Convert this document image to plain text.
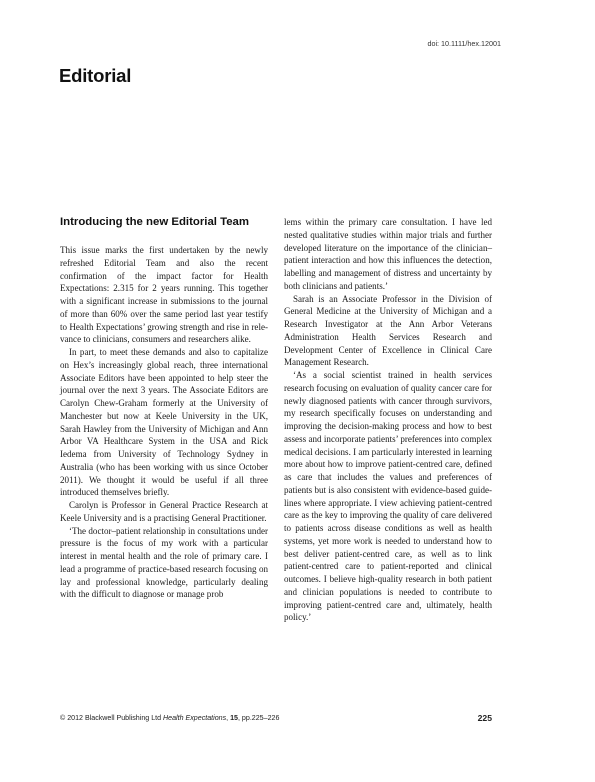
doi: 10.1111/hex.12001
Editorial
Introducing the new Editorial Team

This issue marks the first undertaken by the newly refreshed Editorial Team and also the recent confirmation of the impact factor for Health Expectations: 2.315 for 2 years running. This together with a significant increase in submissions to the journal of more than 60% over the same period last year testify to Health Expectations’ growing strength and rise in relevance to clinicians, consumers and researchers alike.

In part, to meet these demands and also to capitalize on Hex’s increasingly global reach, three international Associate Editors have been appointed to help steer the journal over the next 3 years. The Associate Editors are Carolyn Chew-Graham formerly at the University of Manchester but now at Keele University in the UK, Sarah Hawley from the University of Michigan and Ann Arbor VA Healthcare System in the USA and Rick Iedema from University of Technology Sydney in Australia (who has been working with us since October 2011). We thought it would be useful if all three introduced themselves briefly.

Carolyn is Professor in General Practice Research at Keele University and is a practising General Practitioner.

‘The doctor–patient relationship in consultations under pressure is the focus of my work with a particular interest in mental health and the role of primary care. I lead a programme of practice-based research focusing on lay and professional knowledge, particularly dealing with the difficult to diagnose or manage prob

lems within the primary care consultation. I have led nested qualitative studies within major trials and further developed literature on the importance of the clinician–patient interaction and how this influences the detection, labelling and management of distress and uncertainty by both clinicians and patients.’

Sarah is an Associate Professor in the Division of General Medicine at the University of Michigan and a Research Investigator at the Ann Arbor Veterans Administration Health Services Research and Development Center of Excellence in Clinical Care Management Research.

‘As a social scientist trained in health services research focusing on evaluation of quality cancer care for newly diagnosed patients with cancer through survivors, my research specifically focuses on understanding and improving the decision-making process and how to best assess and incorporate patients’ preferences into complex medical decisions. I am particularly interested in learning more about how to improve patient-centred care, defined as care that includes the values and preferences of patients but is also consistent with evidence-based guidelines where appropriate. I view achieving patient-centred care as the key to improving the quality of care delivered to patients across disease conditions as well as health systems, yet more work is needed to understand how to best deliver patient-centred care, as well as to link patient-centred care to patient-reported and clinical outcomes. I believe high-quality research in both patient and clinician populations is needed to contribute to improving patient-centred care and, ultimately, health policy.’

© 2012 Blackwell Publishing Ltd Health Expectations, 15, pp.225–226	225
